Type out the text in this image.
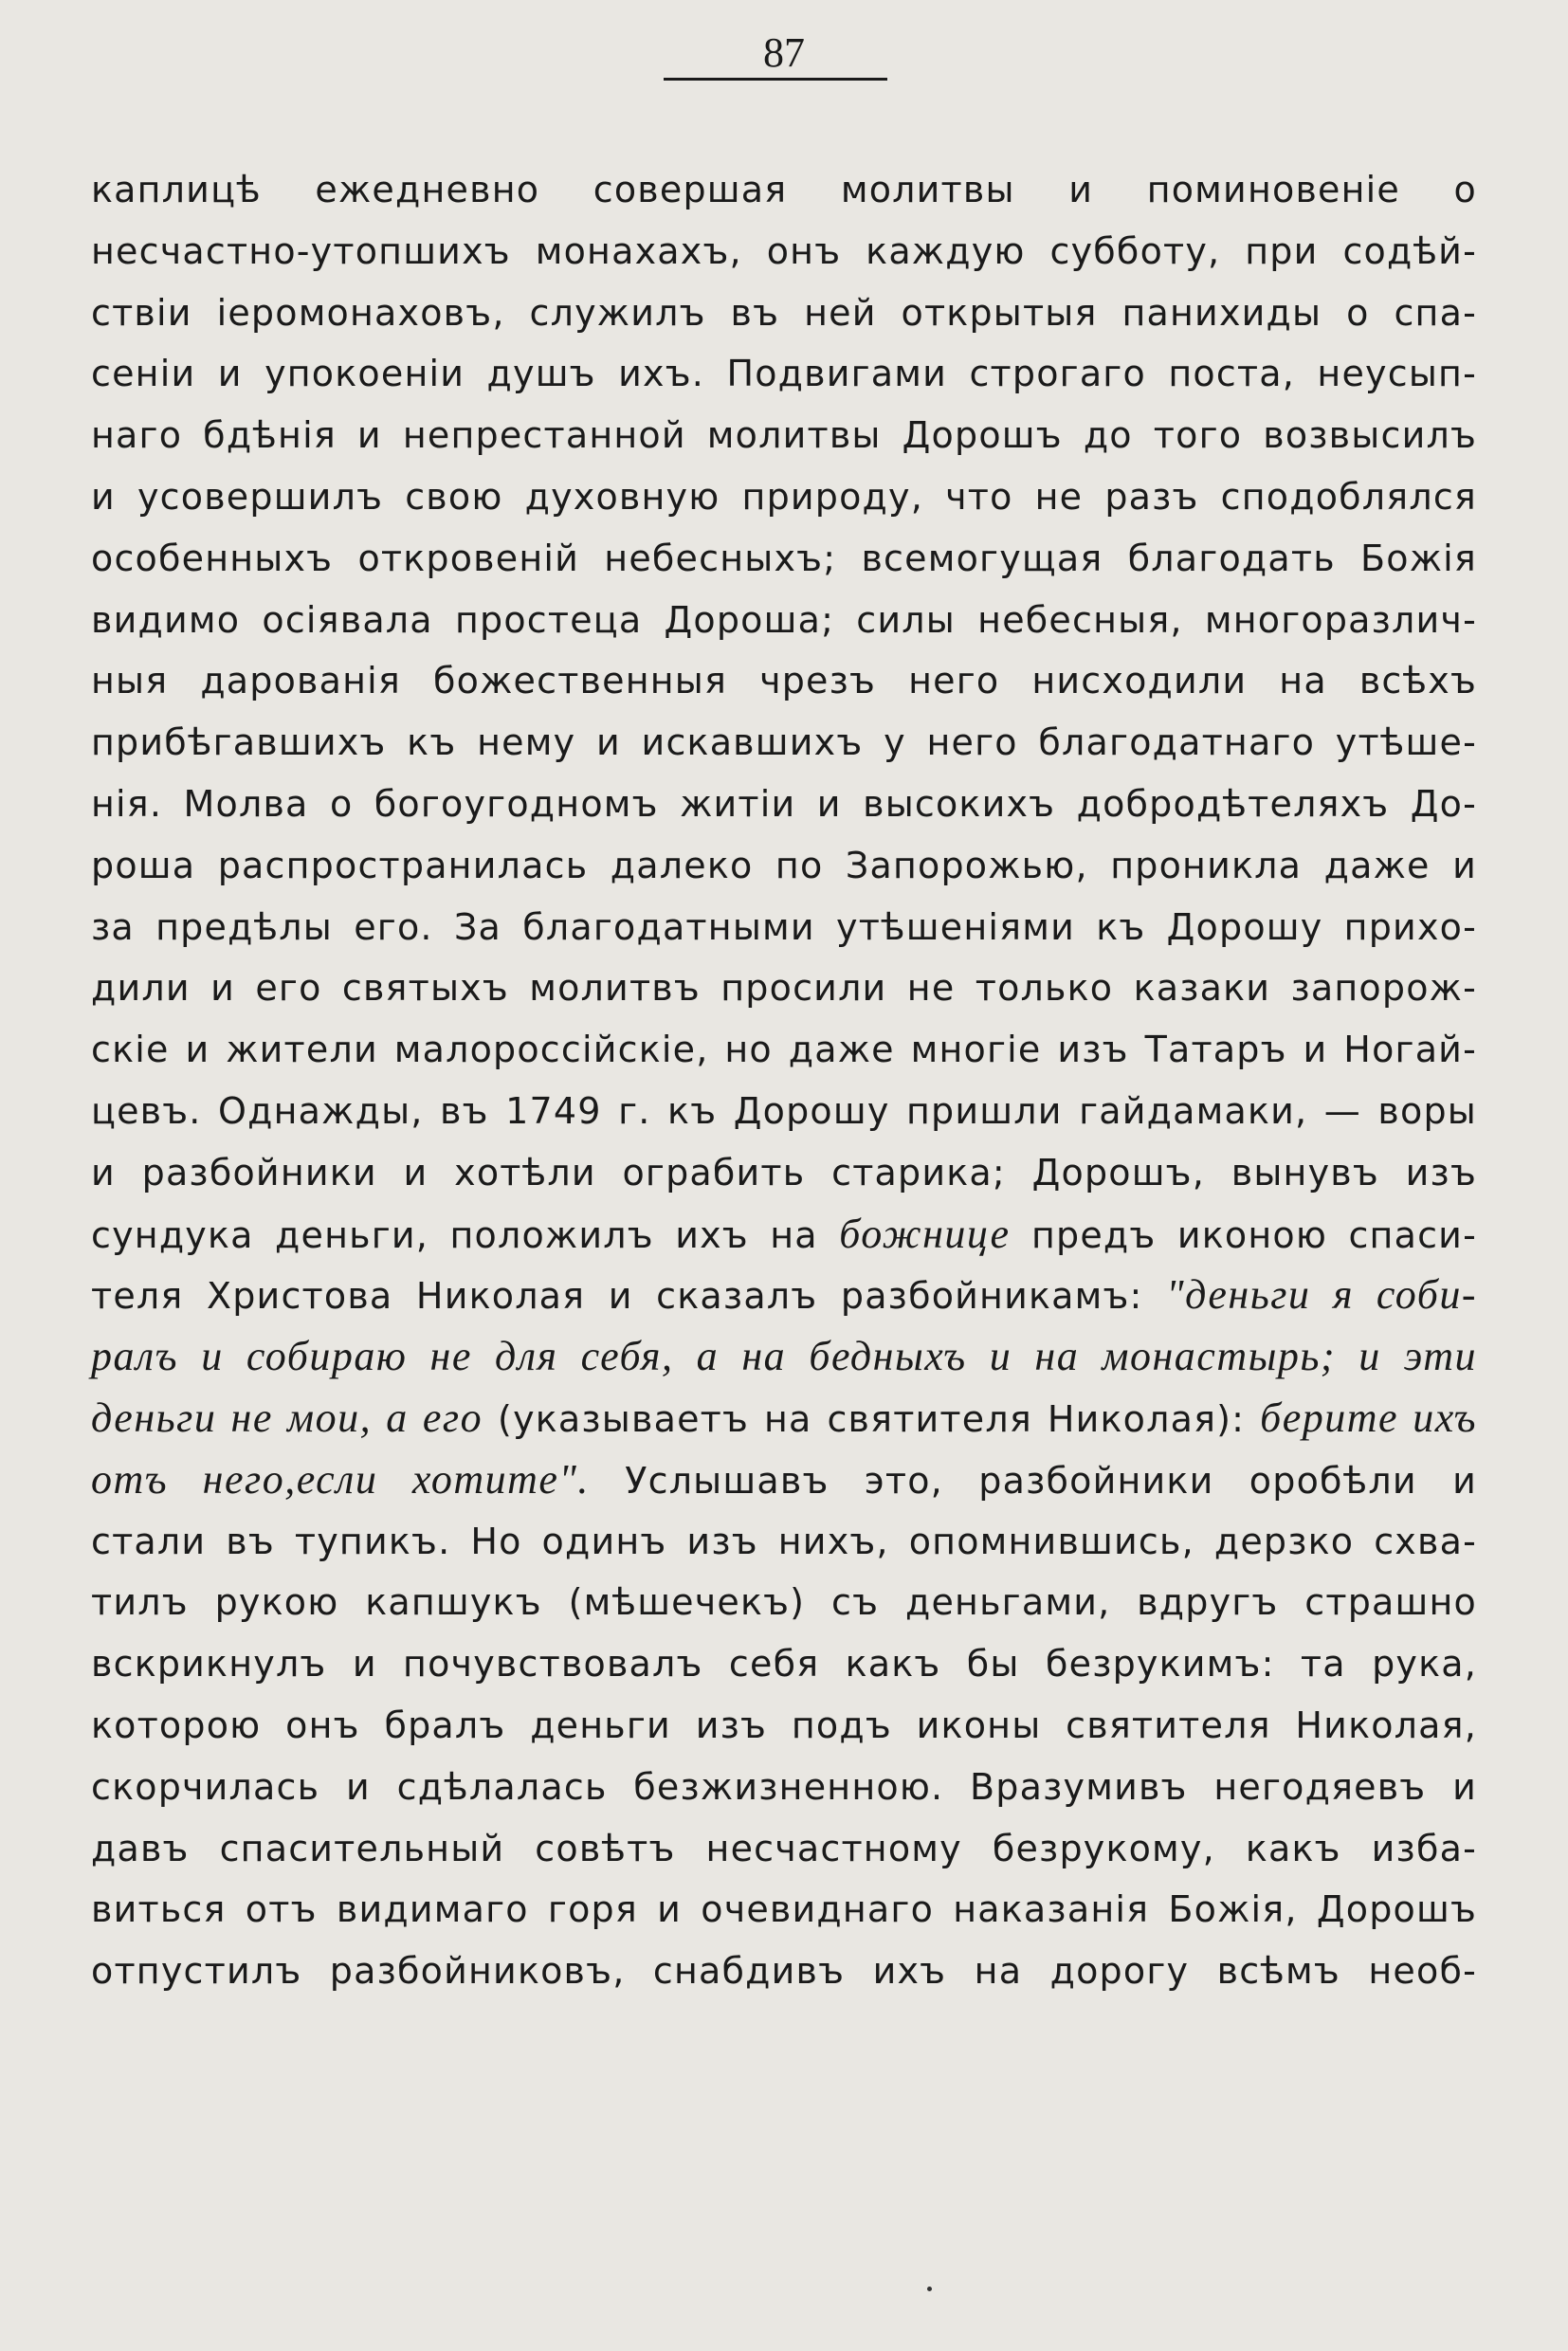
87
каплицѣ ежедневно совершая молитвы и поминовеніе о
несчастно-утопшихъ монахахъ, онъ каждую субботу, при содѣй-
ствіи іеромонаховъ, служилъ въ ней открытыя панихиды о спа-
сеніи и упокоеніи душъ ихъ. Подвигами строгаго поста, неусып-
наго бдѣнія и непрестанной молитвы Дорошъ до того возвысилъ
и усовершилъ свою духовную природу, что не разъ сподоблялся
особенныхъ откровеній небесныхъ; всемогущая благодать Божія
видимо осіявала простеца Дороша; силы небесныя, многоразлич-
ныя дарованія божественныя чрезъ него нисходили на всѣхъ
прибѣгавшихъ къ нему и искавшихъ у него благодатнаго утѣше-
нія. Молва о богоугодномъ житіи и высокихъ добродѣтеляхъ До-
роша распространилась далеко по Запорожью, проникла даже и
за предѣлы его. За благодатными утѣшеніями къ Дорошу прихо-
дили и его святыхъ молитвъ просили не только казаки запорож-
скіе и жители малороссійскіе, но даже многіе изъ Татаръ и Ногай-
цевъ. Однажды, въ 1749 г. къ Дорошу пришли гайдамаки, — воры
и разбойники и хотѣли ограбить старика; Дорошъ, вынувъ изъ
сундука деньги, положилъ ихъ на божнице предъ иконою спаси-
теля Христова Николая и сказалъ разбойникамъ: "деньги я соби-
ралъ и собираю не для себя, а на бедныхъ и на монастырь; и эти
деньги не мои, а его (указываетъ на святителя Николая): берите ихъ
отъ него,если хотите". Услышавъ это, разбойники оробѣли и
стали въ тупикъ. Но одинъ изъ нихъ, опомнившись, дерзко схва-
тилъ рукою капшукъ (мѣшечекъ) съ деньгами, вдругъ страшно
вскрикнулъ и почувствовалъ себя какъ бы безрукимъ: та рука,
которою онъ бралъ деньги изъ подъ иконы святителя Николая,
скорчилась и сдѣлалась безжизненною. Вразумивъ негодяевъ и
давъ спасительный совѣтъ несчастному безрукому, какъ изба-
виться отъ видимаго горя и очевиднаго наказанія Божія, Дорошъ
отпустилъ разбойниковъ, снабдивъ ихъ на дорогу всѣмъ необ-
